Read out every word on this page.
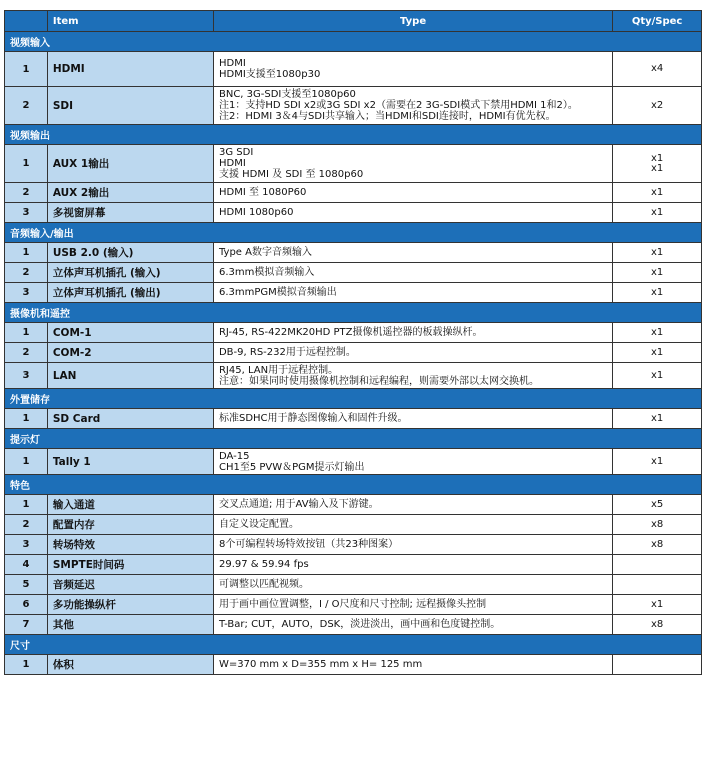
	Item	Type	Qty/Spec
视频输入			
1	HDMI	HDMI
HDMI支援至1080p30	x4

2	SDI	BNC, 3G-SDI支援至1080p60
注1：支持HD SDI x2或3G SDI x2（需要在2 3G-SDI模式下禁用HDMI 1和2）。
注2：HDMI 3＆4与SDI共享输入；当HDMI和SDI连接时，HDMI有优先权。	x2

视频输出			
1	AUX 1输出	3G SDI
HDMI
支援 HDMI 及 SDI 至 1080p60	x1
x1

2	AUX 2输出	HDMI 至 1080P60	x1

3	多视窗屏幕	HDMI 1080p60	x1

音频输入/输出			
1	USB 2.0 (输入)	Type A数字音频输入	x1

2	立体声耳机插孔 (输入)	6.3mm模拟音频输入	x1

3	立体声耳机插孔 (输出)	6.3mmPGM模拟音频输出	x1

摄像机和遥控			
1	COM-1	RJ-45, RS-422MK20HD PTZ摄像机遥控器的板载操纵杆。	x1

2	COM-2	DB-9, RS-232用于远程控制。	x1

3	LAN	RJ45, LAN用于远程控制。
注意：如果同时使用摄像机控制和远程编程，则需要外部以太网交换机。	x1

外置储存			
1	SD Card	标准SDHC用于静态图像输入和固件升级。	x1

提示灯			
1	Tally 1	DA-15
CH1至5 PVW＆PGM提示灯输出	x1

特色			
1	输入通道	交叉点通道; 用于AV输入及下游键。	x5

2	配置内存	自定义设定配置。	x8

3	转场特效	8个可编程转场特效按钮（共23种图案）	x8

4	SMPTE时间码	29.97 & 59.94 fps	

5	音频延迟	可调整以匹配视频。	

6	多功能操纵杆	用于画中画位置调整，I / O尺度和尺寸控制; 远程摄像头控制	x1

7	其他	T-Bar; CUT，AUTO，DSK，淡进淡出，画中画和色度键控制。	x8

尺寸			
1	体积	W=370 mm x D=355 mm x H= 125 mm	
